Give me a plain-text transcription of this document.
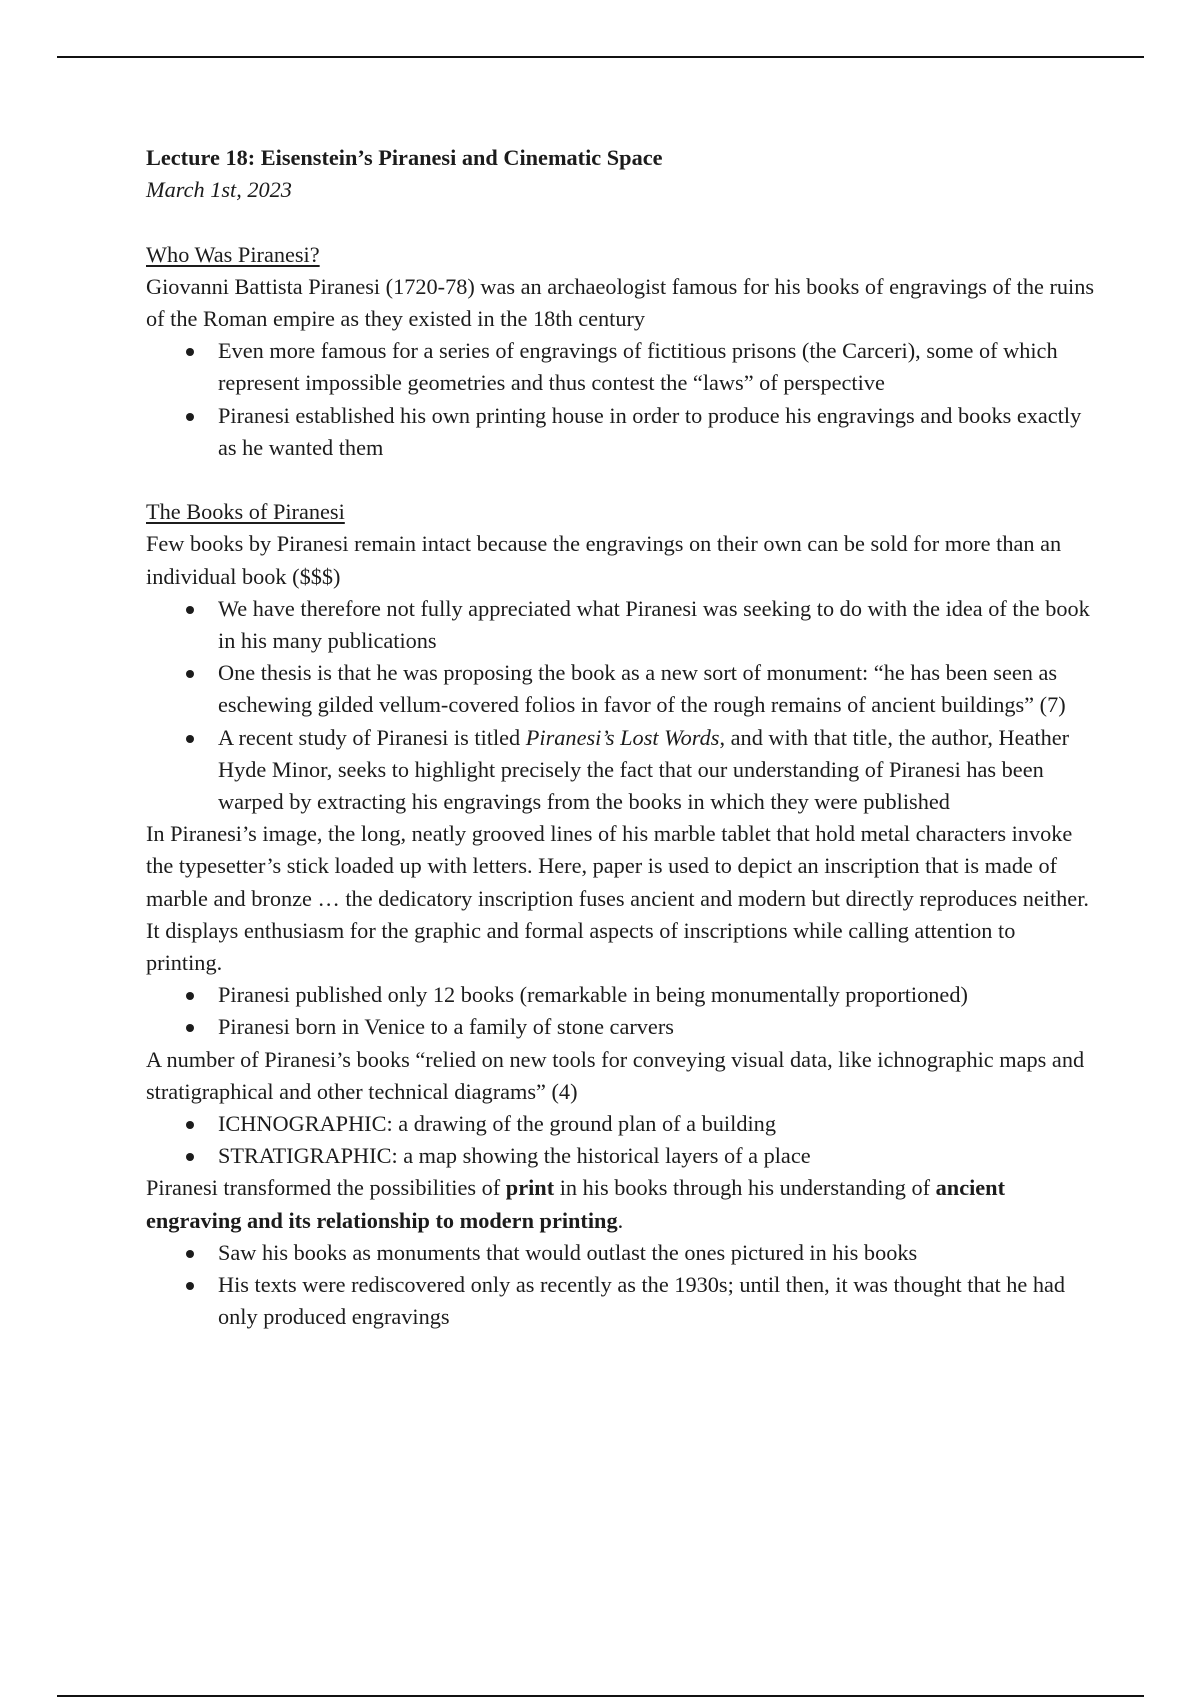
Lecture 18: Eisenstein’s Piranesi and Cinematic Space
March 1st, 2023
Who Was Piranesi?

Giovanni Battista Piranesi (1720-78) was an archaeologist famous for his books of engravings of the ruins of the Roman empire as they existed in the 18th century

Even more famous for a series of engravings of fictitious prisons (the Carceri), some of which represent impossible geometries and thus contest the “laws” of perspective
Piranesi established his own printing house in order to produce his engravings and books exactly as he wanted them
The Books of Piranesi

Few books by Piranesi remain intact because the engravings on their own can be sold for more than an individual book ($$$)

We have therefore not fully appreciated what Piranesi was seeking to do with the idea of the book in his many publications
One thesis is that he was proposing the book as a new sort of monument: “he has been seen as eschewing gilded vellum-covered folios in favor of the rough remains of ancient buildings” (7)
A recent study of Piranesi is titled Piranesi’s Lost Words, and with that title, the author, Heather Hyde Minor, seeks to highlight precisely the fact that our understanding of Piranesi has been warped by extracting his engravings from the books in which they were published

In Piranesi’s image, the long, neatly grooved lines of his marble tablet that hold metal characters invoke the typesetter’s stick loaded up with letters. Here, paper is used to depict an inscription that is made of marble and bronze … the dedicatory inscription fuses ancient and modern but directly reproduces neither. It displays enthusiasm for the graphic and formal aspects of inscriptions while calling attention to printing.

Piranesi published only 12 books (remarkable in being monumentally proportioned)
Piranesi born in Venice to a family of stone carvers

A number of Piranesi’s books “relied on new tools for conveying visual data, like ichnographic maps and stratigraphical and other technical diagrams” (4)

ICHNOGRAPHIC: a drawing of the ground plan of a building
STRATIGRAPHIC: a map showing the historical layers of a place

Piranesi transformed the possibilities of print in his books through his understanding of ancient engraving and its relationship to modern printing.

Saw his books as monuments that would outlast the ones pictured in his books
His texts were rediscovered only as recently as the 1930s; until then, it was thought that he had only produced engravings
